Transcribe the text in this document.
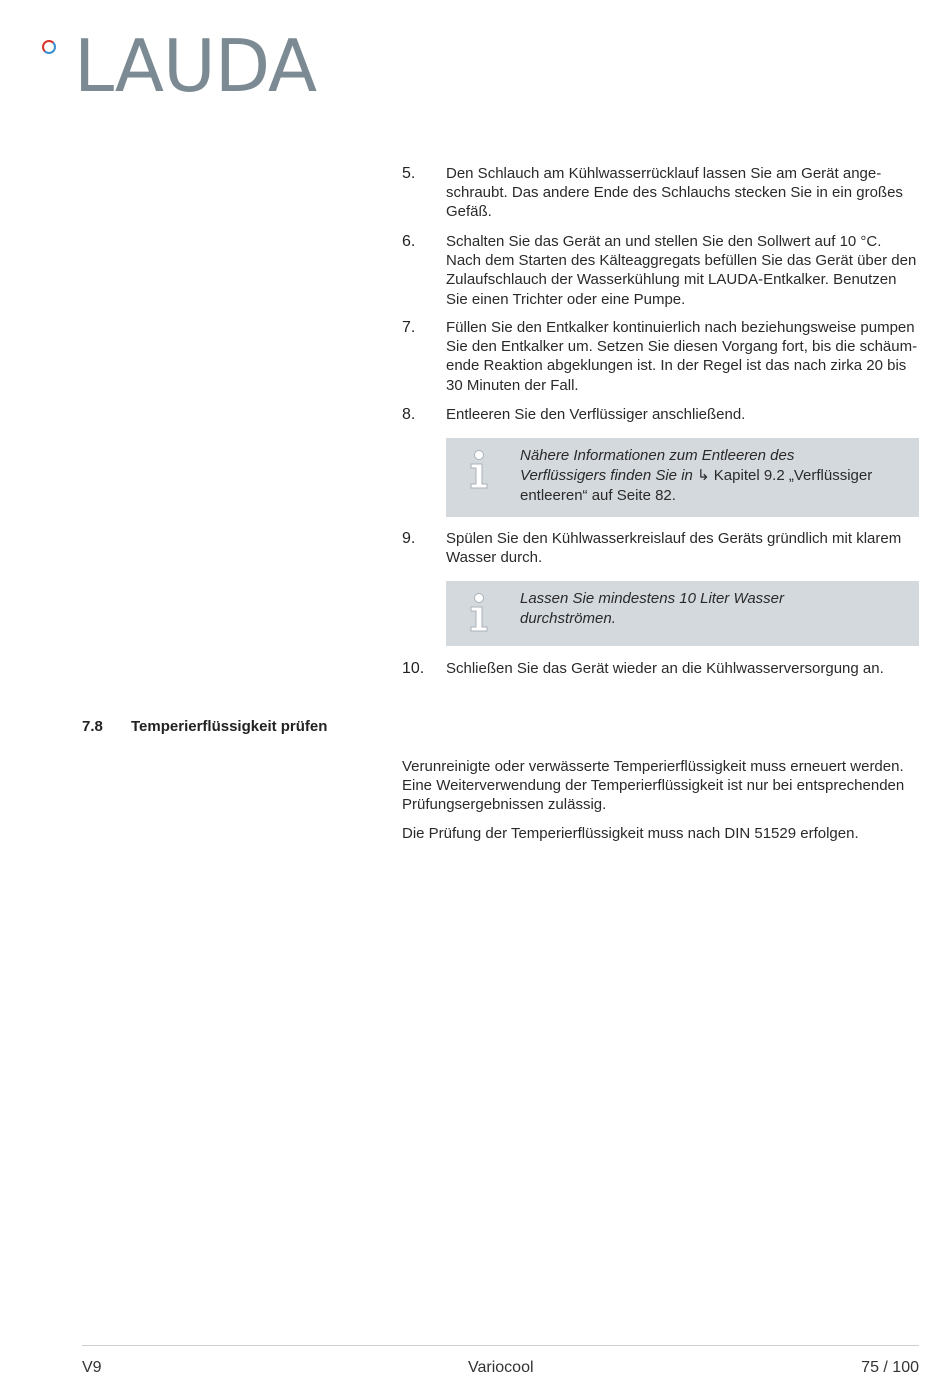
LAUDA
5. Den Schlauch am Kühlwasserrücklauf lassen Sie am Gerät ange-schraubt. Das andere Ende des Schlauchs stecken Sie in ein großes Gefäß.
6. Schalten Sie das Gerät an und stellen Sie den Sollwert auf 10 °C. Nach dem Starten des Kälteaggregats befüllen Sie das Gerät über den Zulaufschlauch der Wasserkühlung mit LAUDA-Entkalker. Benutzen Sie einen Trichter oder eine Pumpe.
7. Füllen Sie den Entkalker kontinuierlich nach beziehungsweise pumpen Sie den Entkalker um. Setzen Sie diesen Vorgang fort, bis die schäum-ende Reaktion abgeklungen ist. In der Regel ist das nach zirka 20 bis 30 Minuten der Fall.
8. Entleeren Sie den Verflüssiger anschließend.
Nähere Informationen zum Entleeren des Verflüssigers finden Sie in ↳ Kapitel 9.2 „Verflüssiger entleeren“ auf Seite 82.
9. Spülen Sie den Kühlwasserkreislauf des Geräts gründlich mit klarem Wasser durch.
Lassen Sie mindestens 10 Liter Wasser durchströmen.
10. Schließen Sie das Gerät wieder an die Kühlwasserversorgung an.
7.8 Temperierflüssigkeit prüfen
Verunreinigte oder verwässerte Temperierflüssigkeit muss erneuert werden. Eine Weiterverwendung der Temperierflüssigkeit ist nur bei entsprechenden Prüfungsergebnissen zulässig.
Die Prüfung der Temperierflüssigkeit muss nach DIN 51529 erfolgen.
V9	Variocool	75 / 100
